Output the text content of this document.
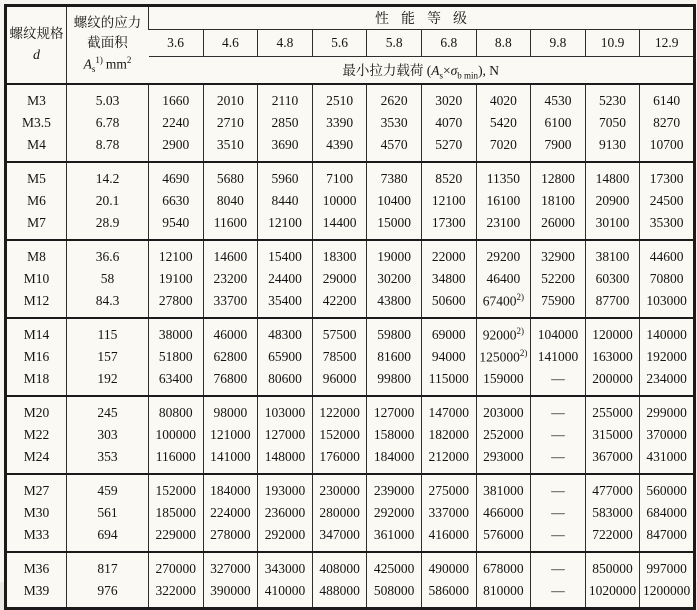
螺纹规格
d

螺纹的应力
截面积
$A_s^{1)}$ $mm^2$
	性能等级
		3.6	4.6	4.8	5.6	5.8	6.8	8.8	9.8	10.9	12.9
		最小拉力载荷 $(A_s\times\sigma_{b min})$, N									
M3	5.03	1660	2010	2110	2510	2620	3020	4020	4530	5230	6140
M3.5	6.78	2240	2710	2850	3390	3530	4070	5420	6100	7050	8270
M4	8.78	2900	3510	3690	4390	4570	5270	7020	7900	9130	10700
M5	14.2	4690	5680	5960	7100	7380	8520	11350	12800	14800	17300
M6	20.1	6630	8040	8440	10000	10400	12100	16100	18100	20900	24500
M7	28.9	9540	11600	12100	14400	15000	17300	23100	26000	30100	35300
M8	36.6	12100	14600	15400	18300	19000	22000	29200	32900	38100	44600
M10	58	19100	23200	24400	29000	30200	34800	46400	52200	60300	70800
M12	84.3	27800	33700	35400	42200	43800	50600	67400$^{2)}$	75900	87700	103000
M14	115	38000	46000	48300	57500	59800	69000	92000$^{2)}$	104000	120000	140000
M16	157	51800	62800	65900	78500	81600	94000	125000$^{2)}$	141000	163000	192000
M18	192	63400	76800	80600	96000	99800	115000	159000	—	200000	234000
M20	245	80800	98000	103000	122000	127000	147000	203000	—	255000	299000
M22	303	100000	121000	127000	152000	158000	182000	252000	—	315000	370000
M24	353	116000	141000	148000	176000	184000	212000	293000	—	367000	431000
M27	459	152000	184000	193000	230000	239000	275000	381000	—	477000	560000
M30	561	185000	224000	236000	280000	292000	337000	466000	—	583000	684000
M33	694	229000	278000	292000	347000	361000	416000	576000	—	722000	847000
M36	817	270000	327000	343000	408000	425000	490000	678000	—	850000	997000
M39	976	322000	390000	410000	488000	508000	586000	810000	—	1020000	1200000
